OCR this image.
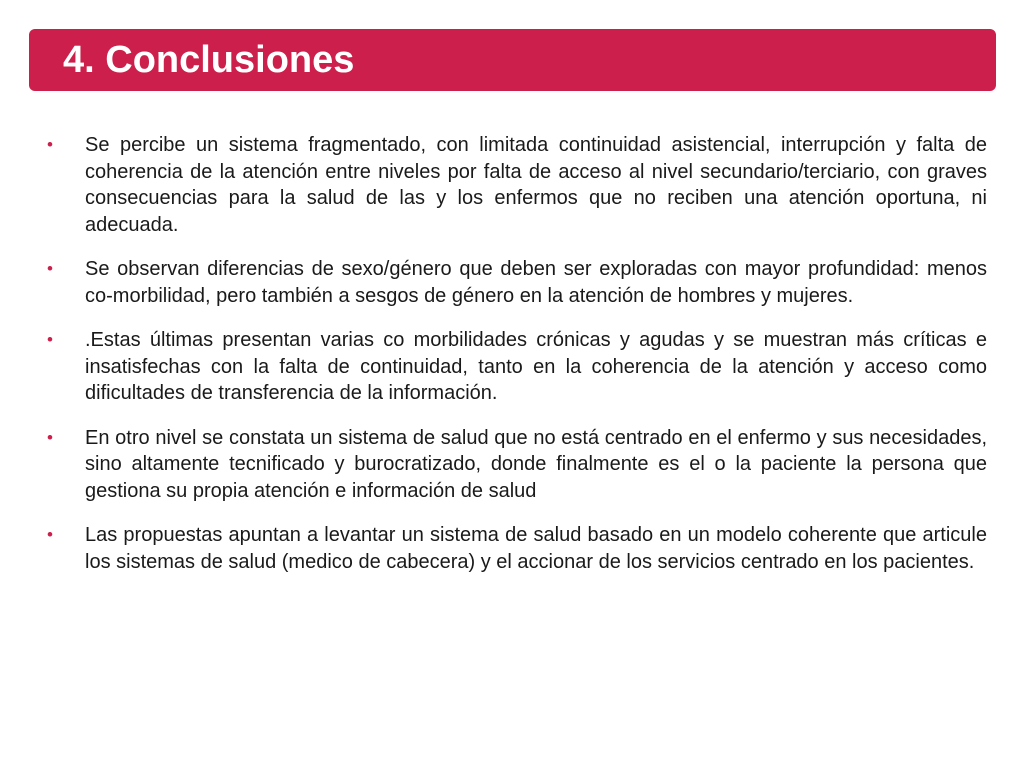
4. Conclusiones
• Se percibe un sistema fragmentado, con limitada continuidad asistencial, interrupción y falta de coherencia de la atención entre niveles por falta de acceso al nivel secundario/terciario, con graves consecuencias para la salud de las y los enfermos que no reciben una atención oportuna, ni adecuada.
• Se observan diferencias de sexo/género que deben ser exploradas con mayor profundidad: menos co-morbilidad, pero también a sesgos de género en la atención de hombres y mujeres.
• .Estas últimas presentan varias co morbilidades crónicas y agudas y se muestran más críticas e insatisfechas con la falta de continuidad, tanto en la coherencia de la atención y acceso como dificultades de transferencia de la información.
• En otro nivel se constata un sistema de salud que no está centrado en el enfermo y sus necesidades, sino altamente tecnificado y burocratizado, donde finalmente es el o la paciente la persona que gestiona su propia atención e información de salud
• Las propuestas apuntan a levantar un sistema de salud basado en un modelo coherente que articule los sistemas de salud (medico de cabecera) y el accionar de los servicios centrado en los pacientes.
